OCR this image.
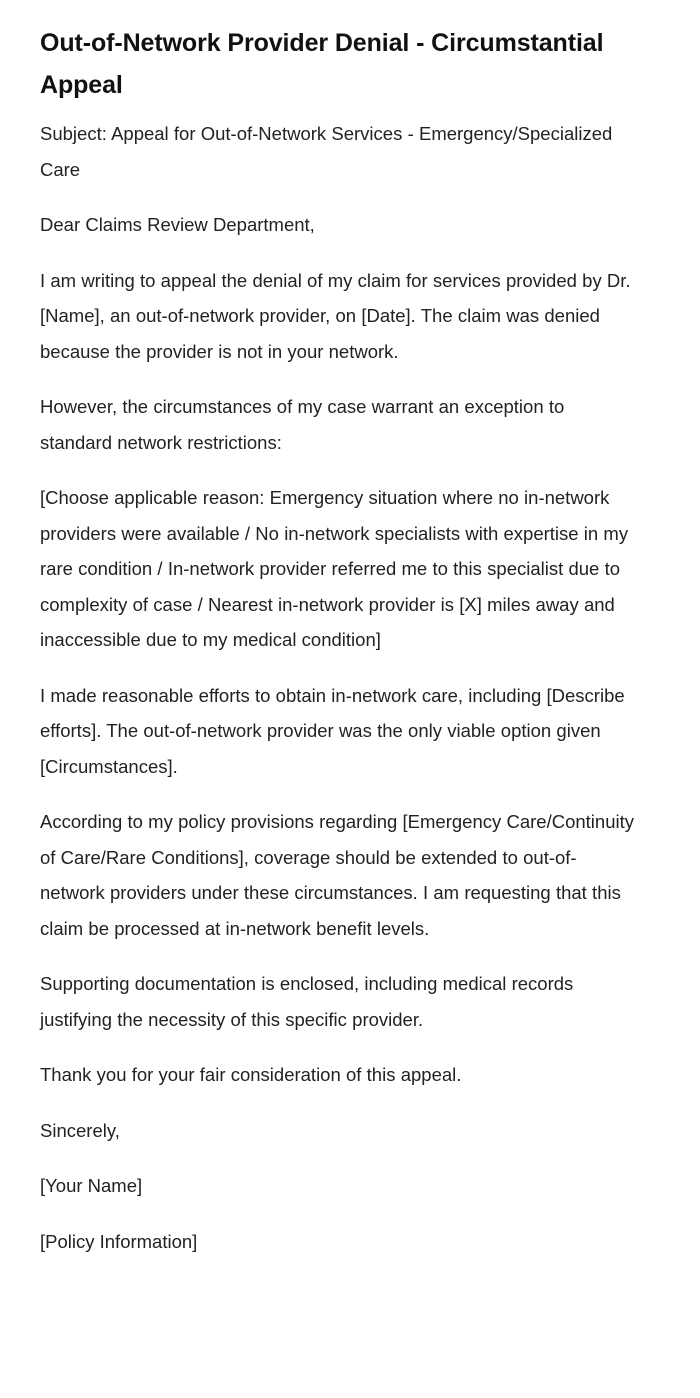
Out-of-Network Provider Denial - Circumstantial Appeal

Subject: Appeal for Out-of-Network Services - Emergency/Specialized Care

Dear Claims Review Department,

I am writing to appeal the denial of my claim for services provided by Dr. [Name], an out-of-network provider, on [Date]. The claim was denied because the provider is not in your network.

However, the circumstances of my case warrant an exception to standard network restrictions:

[Choose applicable reason: Emergency situation where no in-network providers were available / No in-network specialists with expertise in my rare condition / In-network provider referred me to this specialist due to complexity of case / Nearest in-network provider is [X] miles away and inaccessible due to my medical condition]

I made reasonable efforts to obtain in-network care, including [Describe efforts]. The out-of-network provider was the only viable option given [Circumstances].

According to my policy provisions regarding [Emergency Care/Continuity of Care/Rare Conditions], coverage should be extended to out-of-network providers under these circumstances. I am requesting that this claim be processed at in-network benefit levels.

Supporting documentation is enclosed, including medical records justifying the necessity of this specific provider.

Thank you for your fair consideration of this appeal.

Sincerely,

[Your Name]

[Policy Information]
